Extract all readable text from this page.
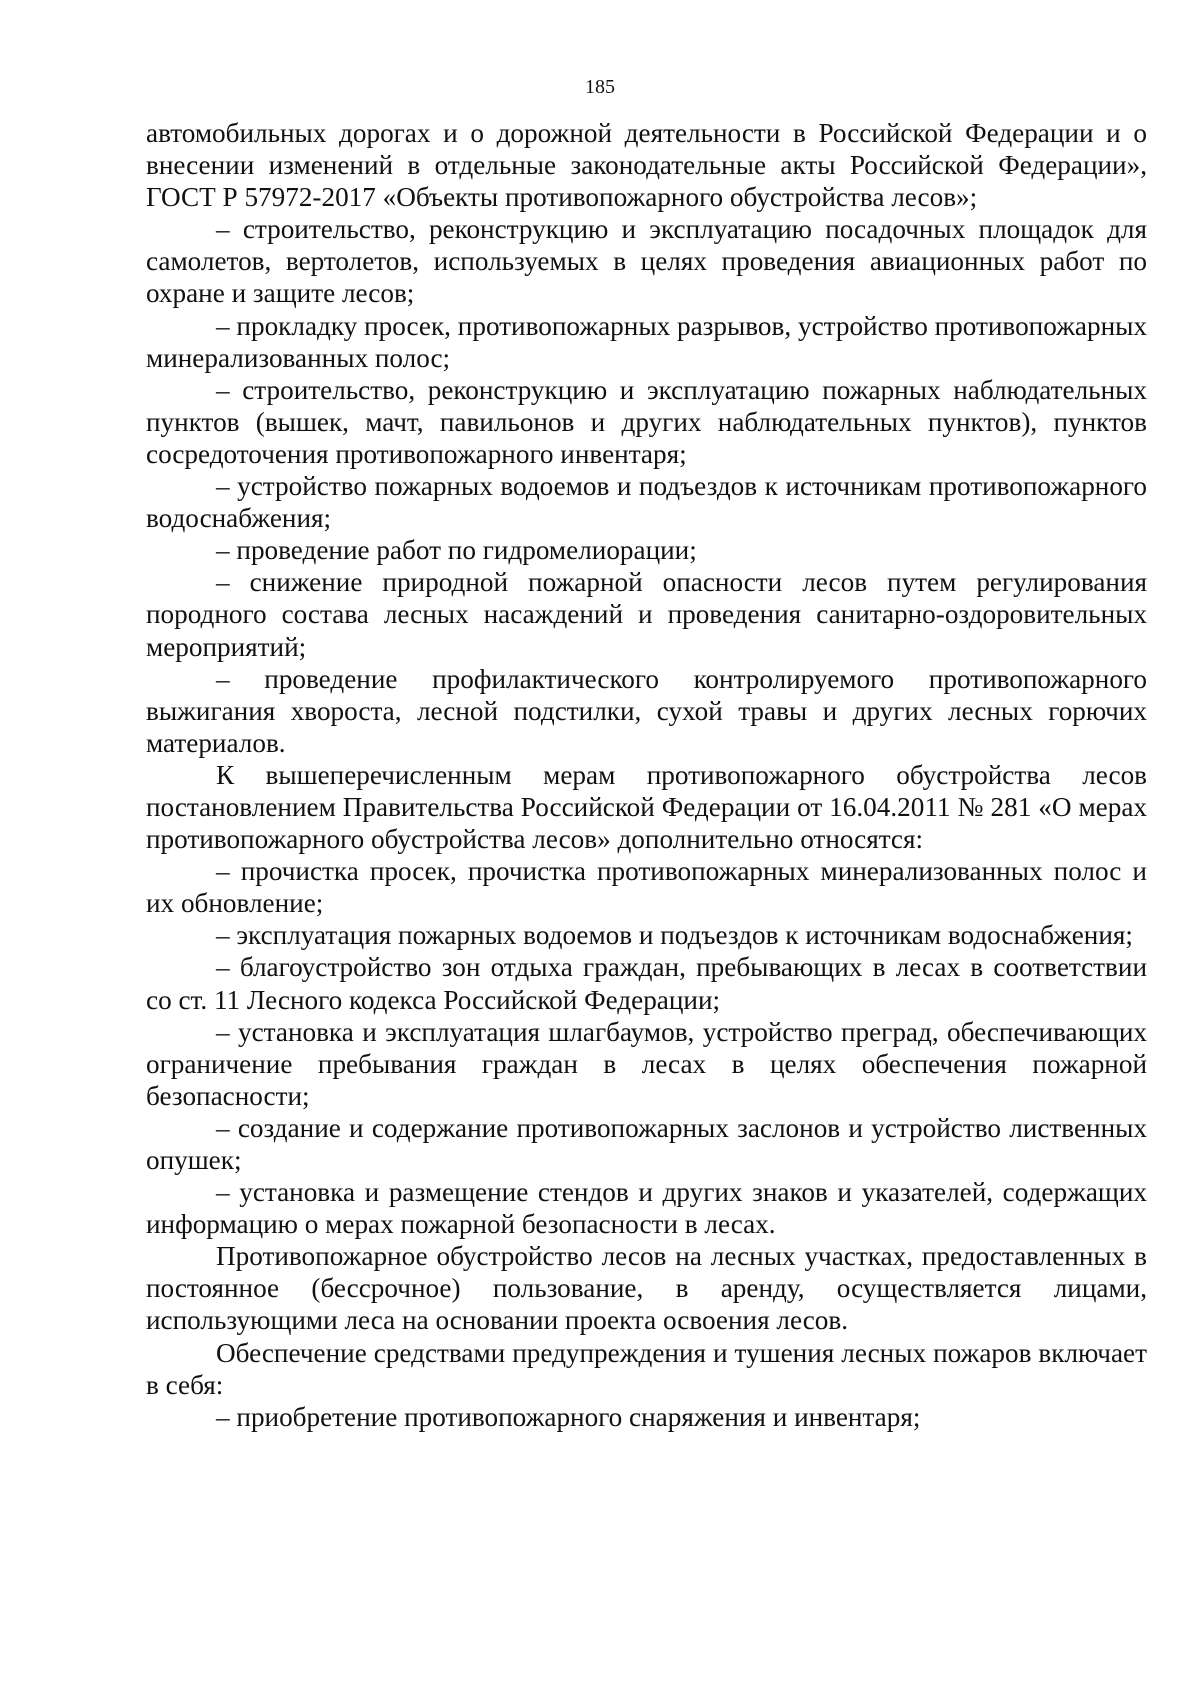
185

автомобильных дорогах и о дорожной деятельности в Российской Федерации и о внесении изменений в отдельные законодательные акты Российской Федерации», ГОСТ Р 57972-2017 «Объекты противопожарного обустройства лесов»;

– строительство, реконструкцию и эксплуатацию посадочных площадок для самолетов, вертолетов, используемых в целях проведения авиационных работ по охране и защите лесов;

– прокладку просек, противопожарных разрывов, устройство противопожарных минерализованных полос;

– строительство, реконструкцию и эксплуатацию пожарных наблюдательных пунктов (вышек, мачт, павильонов и других наблюдательных пунктов), пунктов сосредоточения противопожарного инвентаря;

– устройство пожарных водоемов и подъездов к источникам противопожарного водоснабжения;

– проведение работ по гидромелиорации;

– снижение природной пожарной опасности лесов путем регулирования породного состава лесных насаждений и проведения санитарно-оздоровительных мероприятий;

– проведение профилактического контролируемого противопожарного выжигания хвороста, лесной подстилки, сухой травы и других лесных горючих материалов.

К вышеперечисленным мерам противопожарного обустройства лесов постановлением Правительства Российской Федерации от 16.04.2011 № 281 «О мерах противопожарного обустройства лесов» дополнительно относятся:

– прочистка просек, прочистка противопожарных минерализованных полос и их обновление;

– эксплуатация пожарных водоемов и подъездов к источникам водоснабжения;

– благоустройство зон отдыха граждан, пребывающих в лесах в соответствии со ст. 11 Лесного кодекса Российской Федерации;

– установка и эксплуатация шлагбаумов, устройство преград, обеспечивающих ограничение пребывания граждан в лесах в целях обеспечения пожарной безопасности;

– создание и содержание противопожарных заслонов и устройство лиственных опушек;

– установка и размещение стендов и других знаков и указателей, содержащих информацию о мерах пожарной безопасности в лесах.

Противопожарное обустройство лесов на лесных участках, предоставленных в постоянное (бессрочное) пользование, в аренду, осуществляется лицами, использующими леса на основании проекта освоения лесов.

Обеспечение средствами предупреждения и тушения лесных пожаров включает в себя:

– приобретение противопожарного снаряжения и инвентаря;
